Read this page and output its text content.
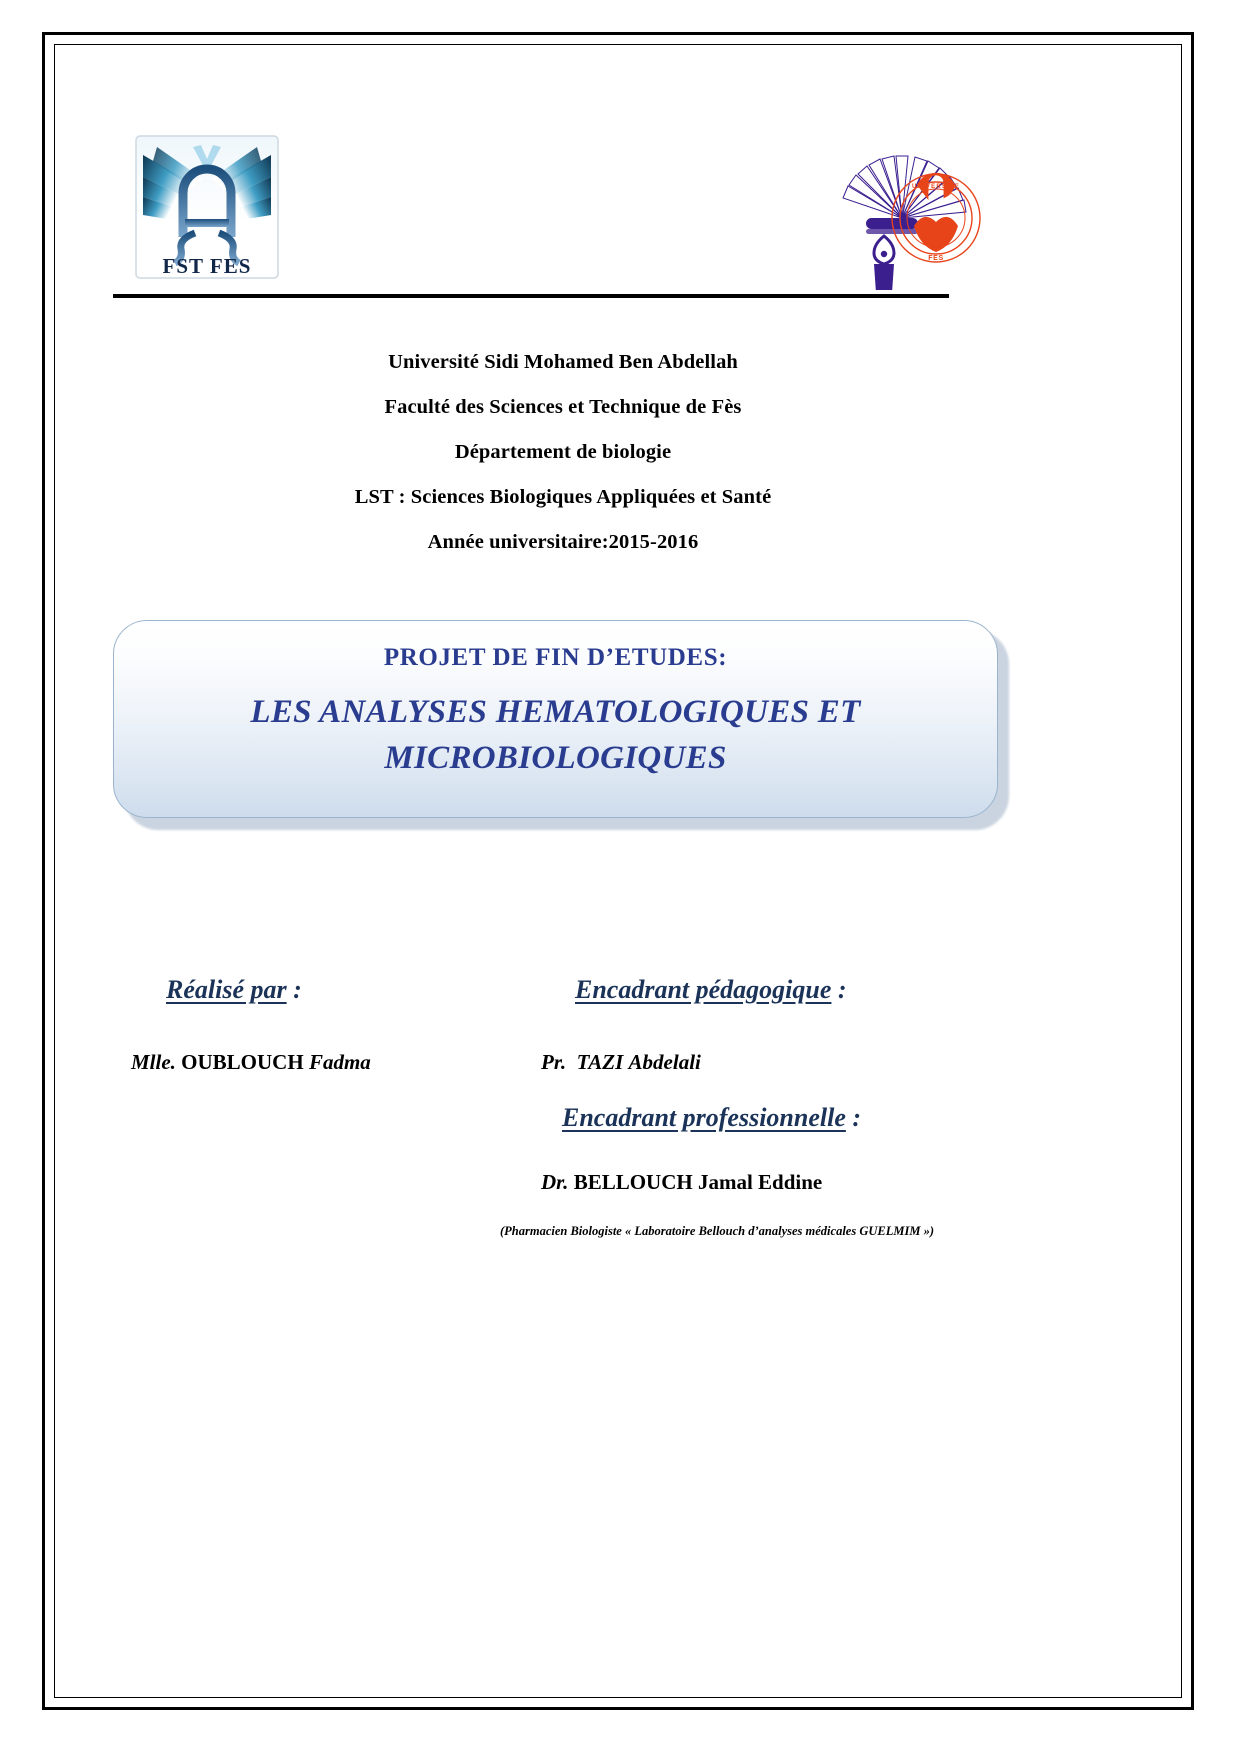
FST FES	FES
UNIVERSITE
Université Sidi Mohamed Ben Abdellah
Faculté des Sciences et Technique de Fès
Département de biologie
LST : Sciences Biologiques Appliquées et Santé
Année universitaire:2015-2016
PROJET DE FIN D’ETUDES:
LES ANALYSES HEMATOLOGIQUES ET
MICROBIOLOGIQUES
Réalisé par :	Encadrant pédagogique :
Encadrant professionnelle :
Mlle. OUBLOUCH Fadma	Pr. TAZI Abdelali
Dr. BELLOUCH Jamal Eddine
(Pharmacien Biologiste « Laboratoire Bellouch d’analyses médicales GUELMIM »)
